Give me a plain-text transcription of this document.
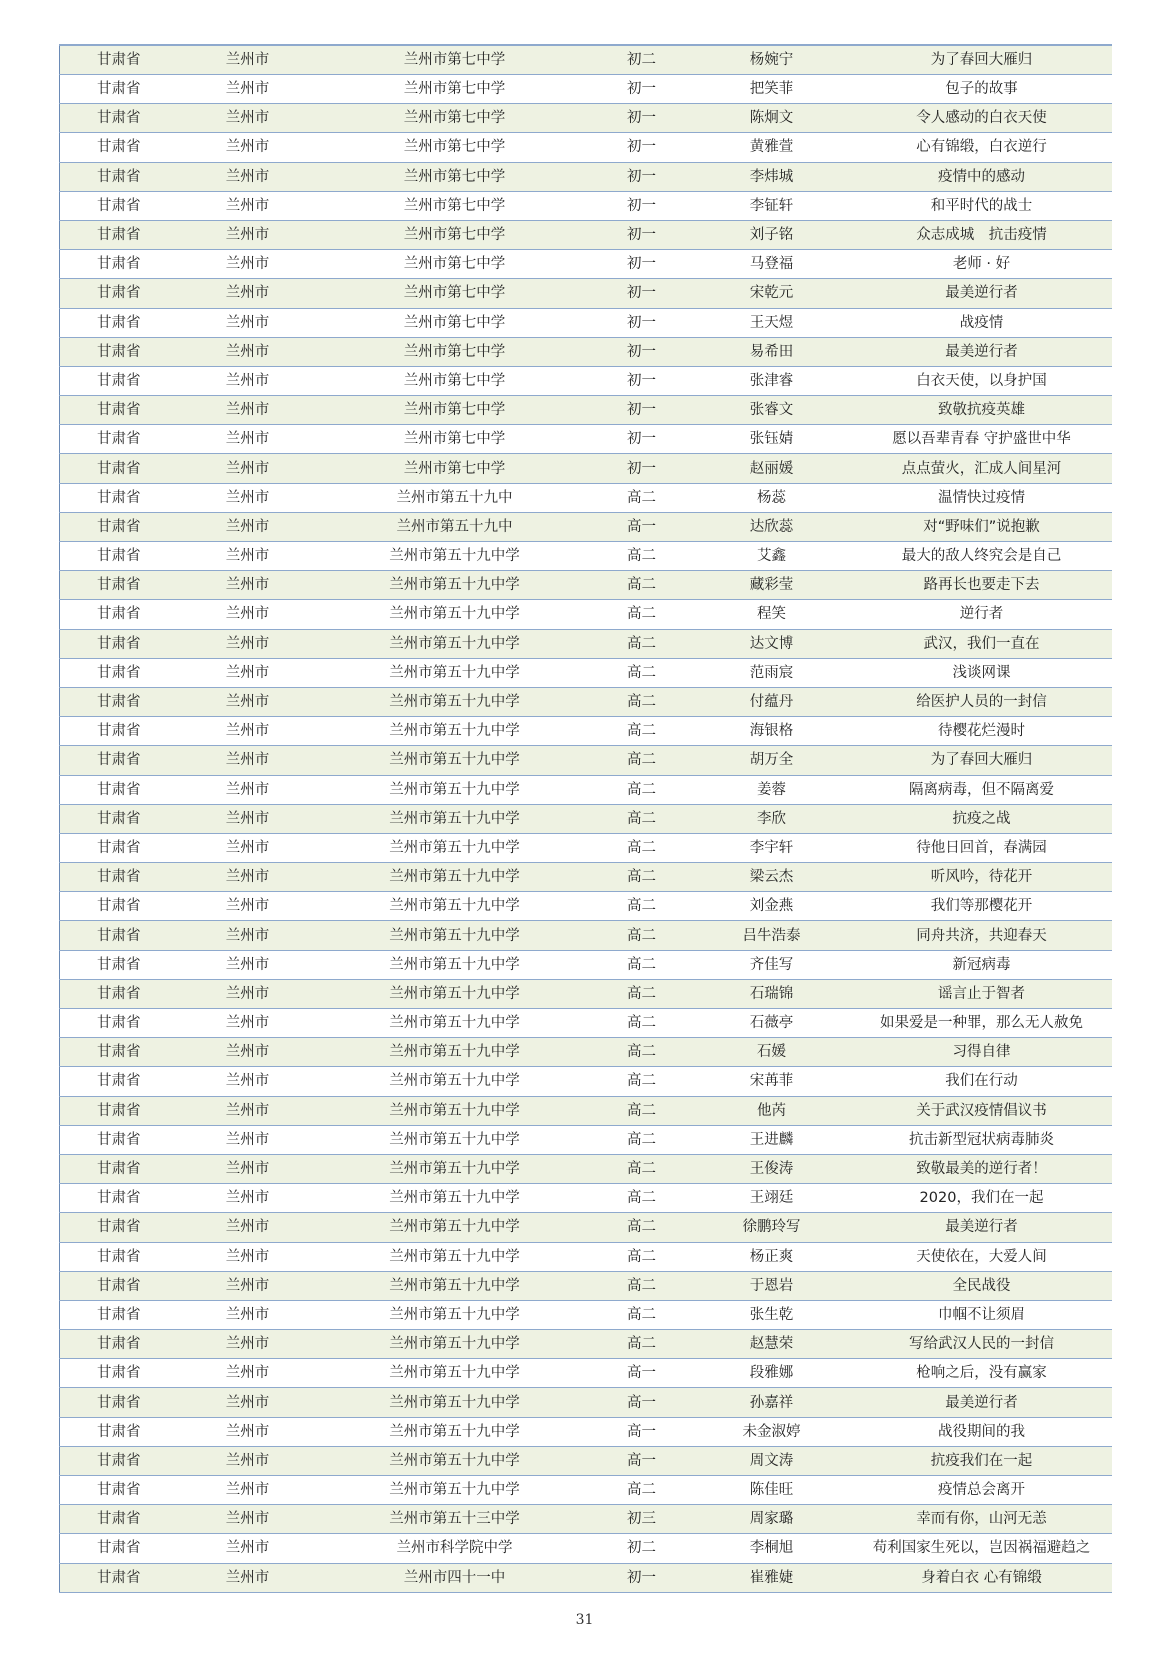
甘肃省	兰州市	兰州市第七中学	初二	杨婉宁	为了春回大雁归
甘肃省	兰州市	兰州市第七中学	初一	把笑菲	包子的故事
甘肃省	兰州市	兰州市第七中学	初一	陈炯文	令人感动的白衣天使
甘肃省	兰州市	兰州市第七中学	初一	黄雅萱	心有锦缎，白衣逆行
甘肃省	兰州市	兰州市第七中学	初一	李炜城	疫情中的感动
甘肃省	兰州市	兰州市第七中学	初一	李钲轩	和平时代的战士
甘肃省	兰州市	兰州市第七中学	初一	刘子铭	众志成城　抗击疫情
甘肃省	兰州市	兰州市第七中学	初一	马登福	老师 · 好
甘肃省	兰州市	兰州市第七中学	初一	宋乾元	最美逆行者
甘肃省	兰州市	兰州市第七中学	初一	王天煜	战疫情
甘肃省	兰州市	兰州市第七中学	初一	易希田	最美逆行者
甘肃省	兰州市	兰州市第七中学	初一	张津睿	白衣天使，以身护国
甘肃省	兰州市	兰州市第七中学	初一	张睿文	致敬抗疫英雄
甘肃省	兰州市	兰州市第七中学	初一	张钰婧	愿以吾辈青春 守护盛世中华
甘肃省	兰州市	兰州市第七中学	初一	赵丽媛	点点萤火，汇成人间星河
甘肃省	兰州市	兰州市第五十九中	高二	杨蕊	温情快过疫情
甘肃省	兰州市	兰州市第五十九中	高一	达欣蕊	对“野味们”说抱歉
甘肃省	兰州市	兰州市第五十九中学	高二	艾鑫	最大的敌人终究会是自己
甘肃省	兰州市	兰州市第五十九中学	高二	藏彩莹	路再长也要走下去
甘肃省	兰州市	兰州市第五十九中学	高二	程笑	逆行者
甘肃省	兰州市	兰州市第五十九中学	高二	达文博	武汉，我们一直在
甘肃省	兰州市	兰州市第五十九中学	高二	范雨宸	浅谈网课
甘肃省	兰州市	兰州市第五十九中学	高二	付蕴丹	给医护人员的一封信
甘肃省	兰州市	兰州市第五十九中学	高二	海银格	待樱花烂漫时
甘肃省	兰州市	兰州市第五十九中学	高二	胡万全	为了春回大雁归
甘肃省	兰州市	兰州市第五十九中学	高二	姜蓉	隔离病毒，但不隔离爱
甘肃省	兰州市	兰州市第五十九中学	高二	李欣	抗疫之战
甘肃省	兰州市	兰州市第五十九中学	高二	李宇轩	待他日回首，春满园
甘肃省	兰州市	兰州市第五十九中学	高二	梁云杰	听风吟，待花开
甘肃省	兰州市	兰州市第五十九中学	高二	刘金燕	我们等那樱花开
甘肃省	兰州市	兰州市第五十九中学	高二	吕牛浩泰	同舟共济，共迎春天
甘肃省	兰州市	兰州市第五十九中学	高二	齐佳写	新冠病毒
甘肃省	兰州市	兰州市第五十九中学	高二	石瑞锦	谣言止于智者
甘肃省	兰州市	兰州市第五十九中学	高二	石薇亭	如果爱是一种罪，那么无人赦免
甘肃省	兰州市	兰州市第五十九中学	高二	石媛	习得自律
甘肃省	兰州市	兰州市第五十九中学	高二	宋苒菲	我们在行动
甘肃省	兰州市	兰州市第五十九中学	高二	他芮	关于武汉疫情倡议书
甘肃省	兰州市	兰州市第五十九中学	高二	王进麟	抗击新型冠状病毒肺炎
甘肃省	兰州市	兰州市第五十九中学	高二	王俊涛	致敬最美的逆行者！
甘肃省	兰州市	兰州市第五十九中学	高二	王翊廷	2020，我们在一起
甘肃省	兰州市	兰州市第五十九中学	高二	徐鹏玲写	最美逆行者
甘肃省	兰州市	兰州市第五十九中学	高二	杨正爽	天使依在，大爱人间
甘肃省	兰州市	兰州市第五十九中学	高二	于恩岩	全民战役
甘肃省	兰州市	兰州市第五十九中学	高二	张生乾	巾帼不让须眉
甘肃省	兰州市	兰州市第五十九中学	高二	赵慧荣	写给武汉人民的一封信
甘肃省	兰州市	兰州市第五十九中学	高一	段雅娜	枪响之后，没有赢家
甘肃省	兰州市	兰州市第五十九中学	高一	孙嘉祥	最美逆行者
甘肃省	兰州市	兰州市第五十九中学	高一	未金淑婷	战役期间的我
甘肃省	兰州市	兰州市第五十九中学	高一	周文涛	抗疫我们在一起
甘肃省	兰州市	兰州市第五十九中学	高二	陈佳旺	疫情总会离开
甘肃省	兰州市	兰州市第五十三中学	初三	周家璐	幸而有你，山河无恙
甘肃省	兰州市	兰州市科学院中学	初二	李桐旭	苟利国家生死以，岂因祸福避趋之
甘肃省	兰州市	兰州市四十一中	初一	崔雅婕	身着白衣 心有锦缎
31
